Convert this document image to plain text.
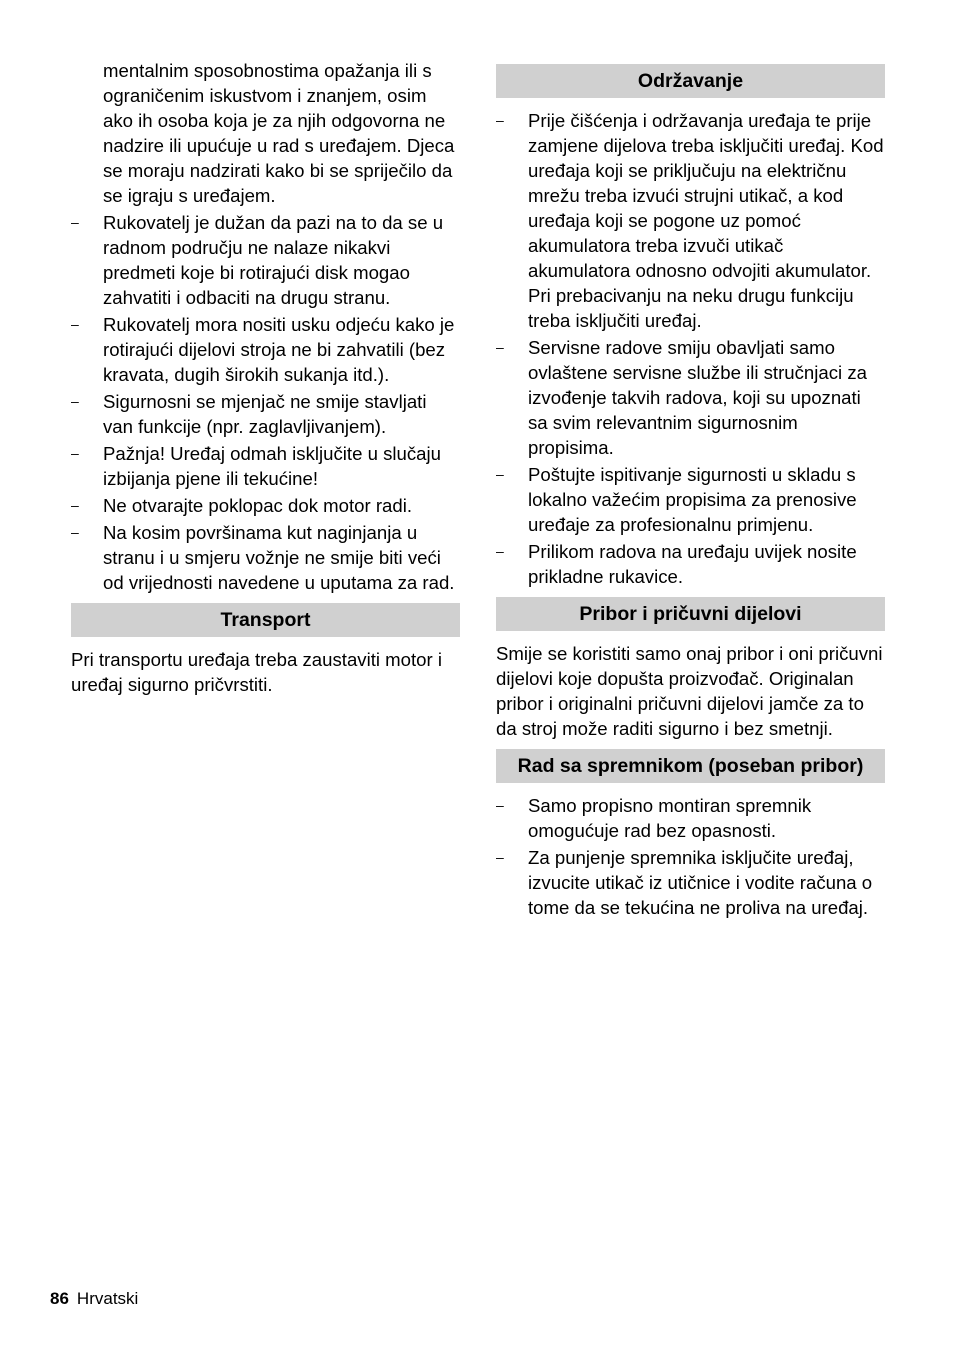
mentalnim sposobnostima opažanja ili s ograničenim iskustvom i znanjem, osim ako ih osoba koja je za njih odgovorna ne nadzire ili upućuje u rad s uređajem. Djeca se moraju nadzirati kako bi se spriječilo da se igraju s uređajem.
–	Rukovatelj je dužan da pazi na to da se u radnom području ne nalaze nikakvi predmeti koje bi rotirajući disk mogao zahvatiti i odbaciti na drugu stranu.
–	Rukovatelj mora nositi usku odjeću kako je rotirajući dijelovi stroja ne bi zahvatili (bez kravata, dugih širokih sukanja itd.).
–	Sigurnosni se mjenjač ne smije stavljati van funkcije (npr. zaglavljivanjem).
–	Pažnja! Uređaj odmah isključite u slučaju izbijanja pjene ili tekućine!
–	Ne otvarajte poklopac dok motor radi.
–	Na kosim površinama kut naginjanja u stranu i u smjeru vožnje ne smije biti veći od vrijednosti navedene u uputama za rad.
Transport
Pri transportu uređaja treba zaustaviti motor i uređaj sigurno pričvrstiti.
Održavanje
–	Prije čišćenja i održavanja uređaja te prije zamjene dijelova treba isključiti uređaj. Kod uređaja koji se priključuju na električnu mrežu treba izvući strujni utikač, a kod uređaja koji se pogone uz pomoć akumulatora treba izvuči utikač akumulatora odnosno odvojiti akumulator. Pri prebacivanju na neku drugu funkciju treba isključiti uređaj.
–	Servisne radove smiju obavljati samo ovlaštene servisne službe ili stručnjaci za izvođenje takvih radova, koji su upoznati sa svim relevantnim sigurnosnim propisima.
–	Poštujte ispitivanje sigurnosti u skladu s lokalno važećim propisima za prenosive uređaje za profesionalnu primjenu.
–	Prilikom radova na uređaju uvijek nosite prikladne rukavice.
Pribor i pričuvni dijelovi
Smije se koristiti samo onaj pribor i oni pričuvni dijelovi koje dopušta proizvođač. Originalan pribor i originalni pričuvni dijelovi jamče za to da stroj može raditi sigurno i bez smetnji.
Rad sa spremnikom (poseban pribor)
–	Samo propisno montiran spremnik omogućuje rad bez opasnosti.
–	Za punjenje spremnika isključite uređaj, izvucite utikač iz utičnice i vodite računa o tome da se tekućina ne proliva na uređaj.
86 Hrvatski
